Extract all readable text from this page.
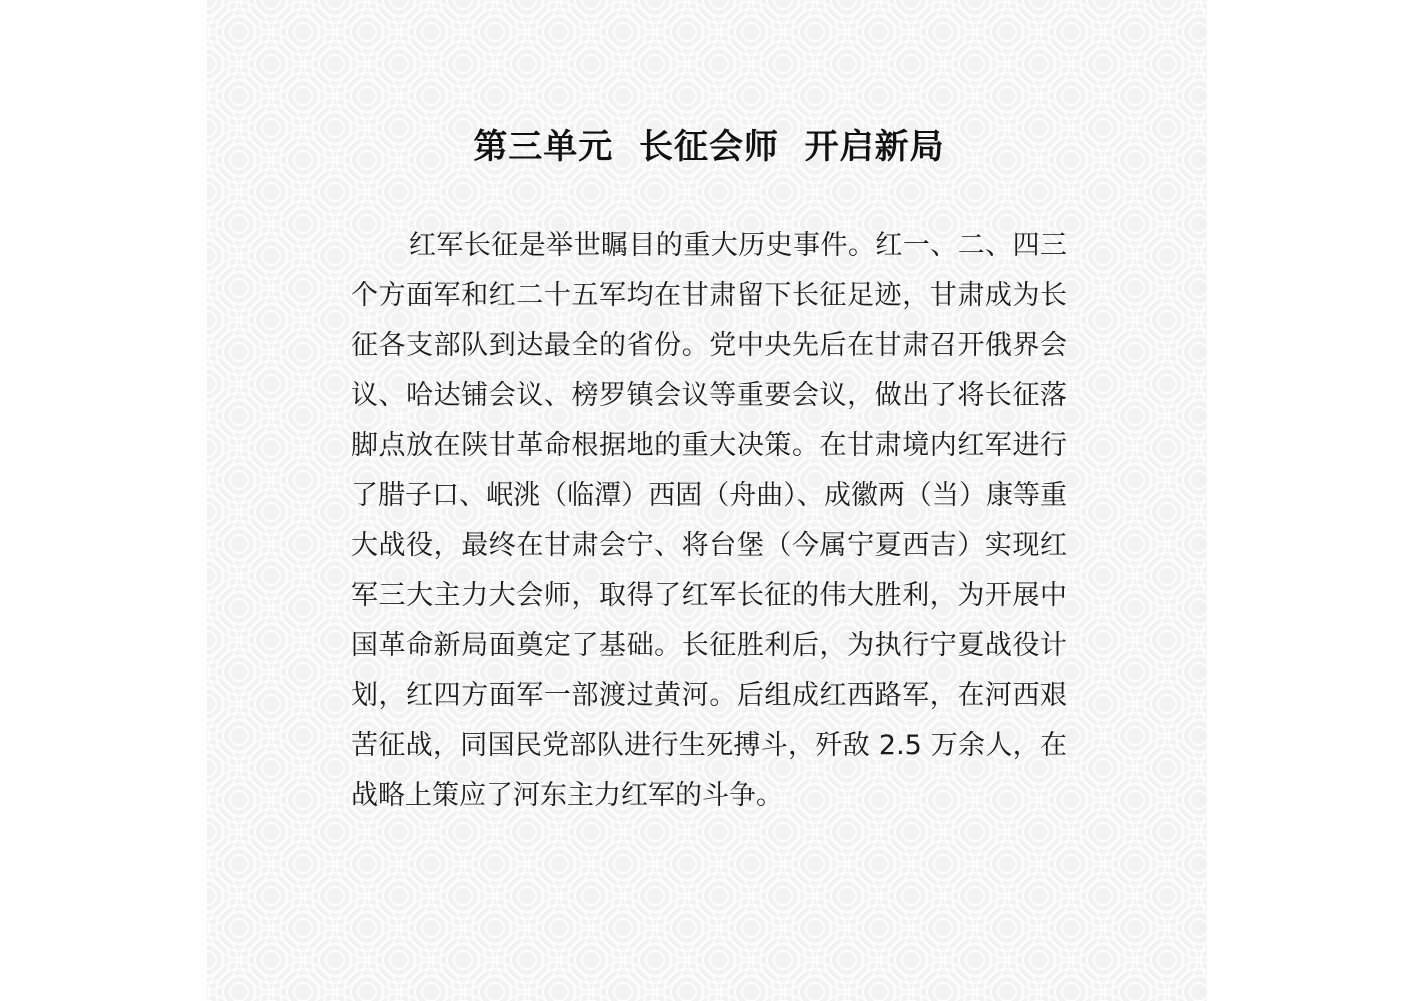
第三单元  长征会师  开启新局

红军长征是举世瞩目的重大历史事件。红一、二、四三个方面军和红二十五军均在甘肃留下长征足迹，甘肃成为长征各支部队到达最全的省份。党中央先后在甘肃召开俄界会议、哈达铺会议、榜罗镇会议等重要会议，做出了将长征落脚点放在陕甘革命根据地的重大决策。在甘肃境内红军进行了腊子口、岷洮（临潭）西固（舟曲）、成徽两（当）康等重大战役，最终在甘肃会宁、将台堡（今属宁夏西吉）实现红军三大主力大会师，取得了红军长征的伟大胜利，为开展中国革命新局面奠定了基础。长征胜利后，为执行宁夏战役计划，红四方面军一部渡过黄河。后组成红西路军，在河西艰苦征战，同国民党部队进行生死搏斗，歼敌 2.5 万余人，在战略上策应了河东主力红军的斗争。
